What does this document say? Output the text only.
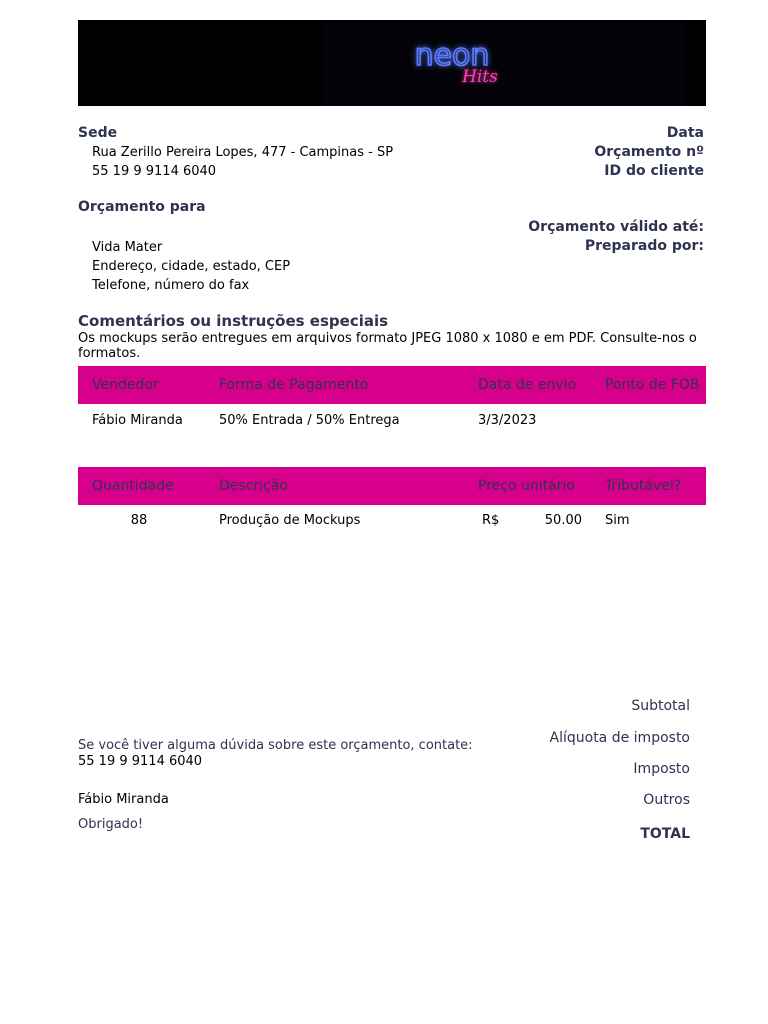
neon
Hits
Sede
Rua Zerillo Pereira Lopes, 477 - Campinas - SP
55 19 9 9114 6040
Data
Orçamento nº
ID do cliente
Orçamento para
Orçamento válido até:
Preparado por:
Vida Mater
Endereço, cidade, estado, CEP
Telefone, número do fax
Comentários ou instruções especiais
Os mockups serão entregues em arquivos formato JPEG 1080 x 1080 e em PDF. Consulte-nos o
formatos.
Vendedor	Forma de Pagamento	Data de envio Ponto de FOB
Fábio Miranda	50% Entrada / 50% Entrega	3/3/2023
Quantidade	Descrição	Preço unitário Tributável?
88	Produção de Mockups	R$	50.00 Sim
Subtotal
Alíquota de imposto
Imposto
Outros
TOTAL
Se você tiver alguma dúvida sobre este orçamento, contate:
55 19 9 9114 6040
Fábio Miranda
Obrigado!
